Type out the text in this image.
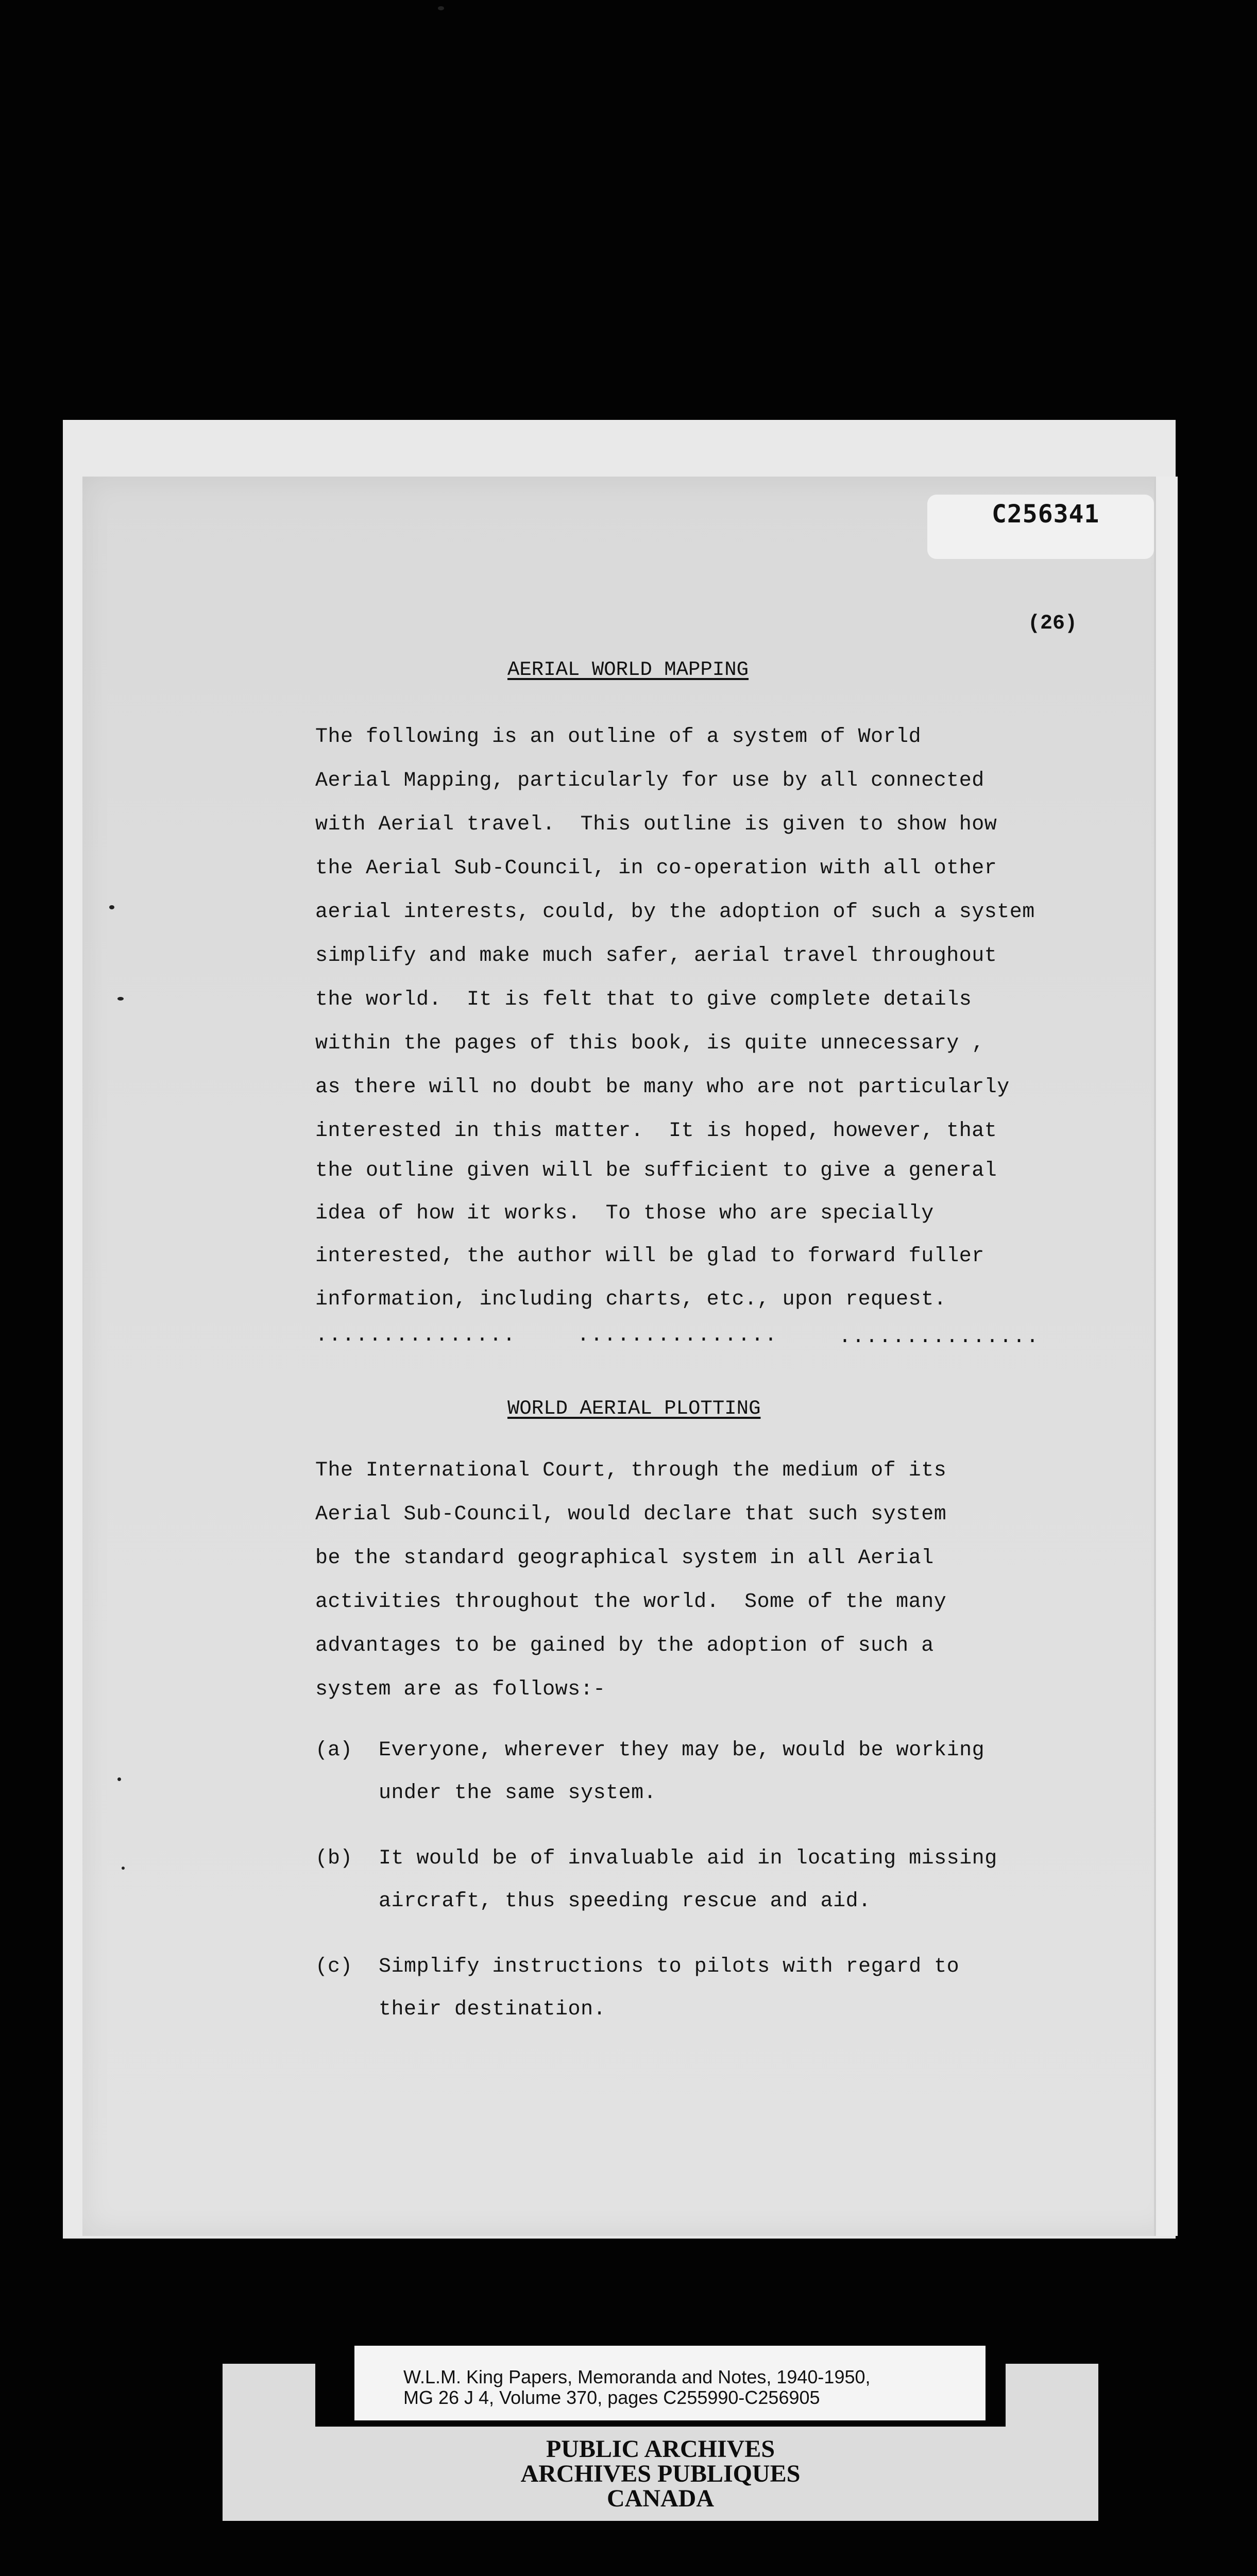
C256341
(26)
AERIAL WORLD MAPPING
The following is an outline of a system of World
Aerial Mapping, particularly for use by all connected
with Aerial travel.  This outline is given to show how
the Aerial Sub-Council, in co-operation with all other
aerial interests, could, by the adoption of such a system
simplify and make much safer, aerial travel throughout
the world.  It is felt that to give complete details
within the pages of this book, is quite unnecessary ,
as there will no doubt be many who are not particularly
interested in this matter.  It is hoped, however, that
the outline given will be sufficient to give a general
idea of how it works.  To those who are specially
interested, the author will be glad to forward fuller
information, including charts, etc., upon request.
...............	...............	...............
WORLD AERIAL PLOTTING
The International Court, through the medium of its
Aerial Sub-Council, would declare that such system
be the standard geographical system in all Aerial
activities throughout the world.  Some of the many
advantages to be gained by the adoption of such a
system are as follows:-
(a) Everyone, wherever they may be, would be working
under the same system.
(b) It would be of invaluable aid in locating missing
aircraft, thus speeding rescue and aid.
(c) Simplify instructions to pilots with regard to
their destination.
W.L.M. King Papers, Memoranda and Notes, 1940-1950,
MG 26 J 4, Volume 370, pages C255990-C256905
PUBLIC ARCHIVES
ARCHIVES PUBLIQUES
CANADA
